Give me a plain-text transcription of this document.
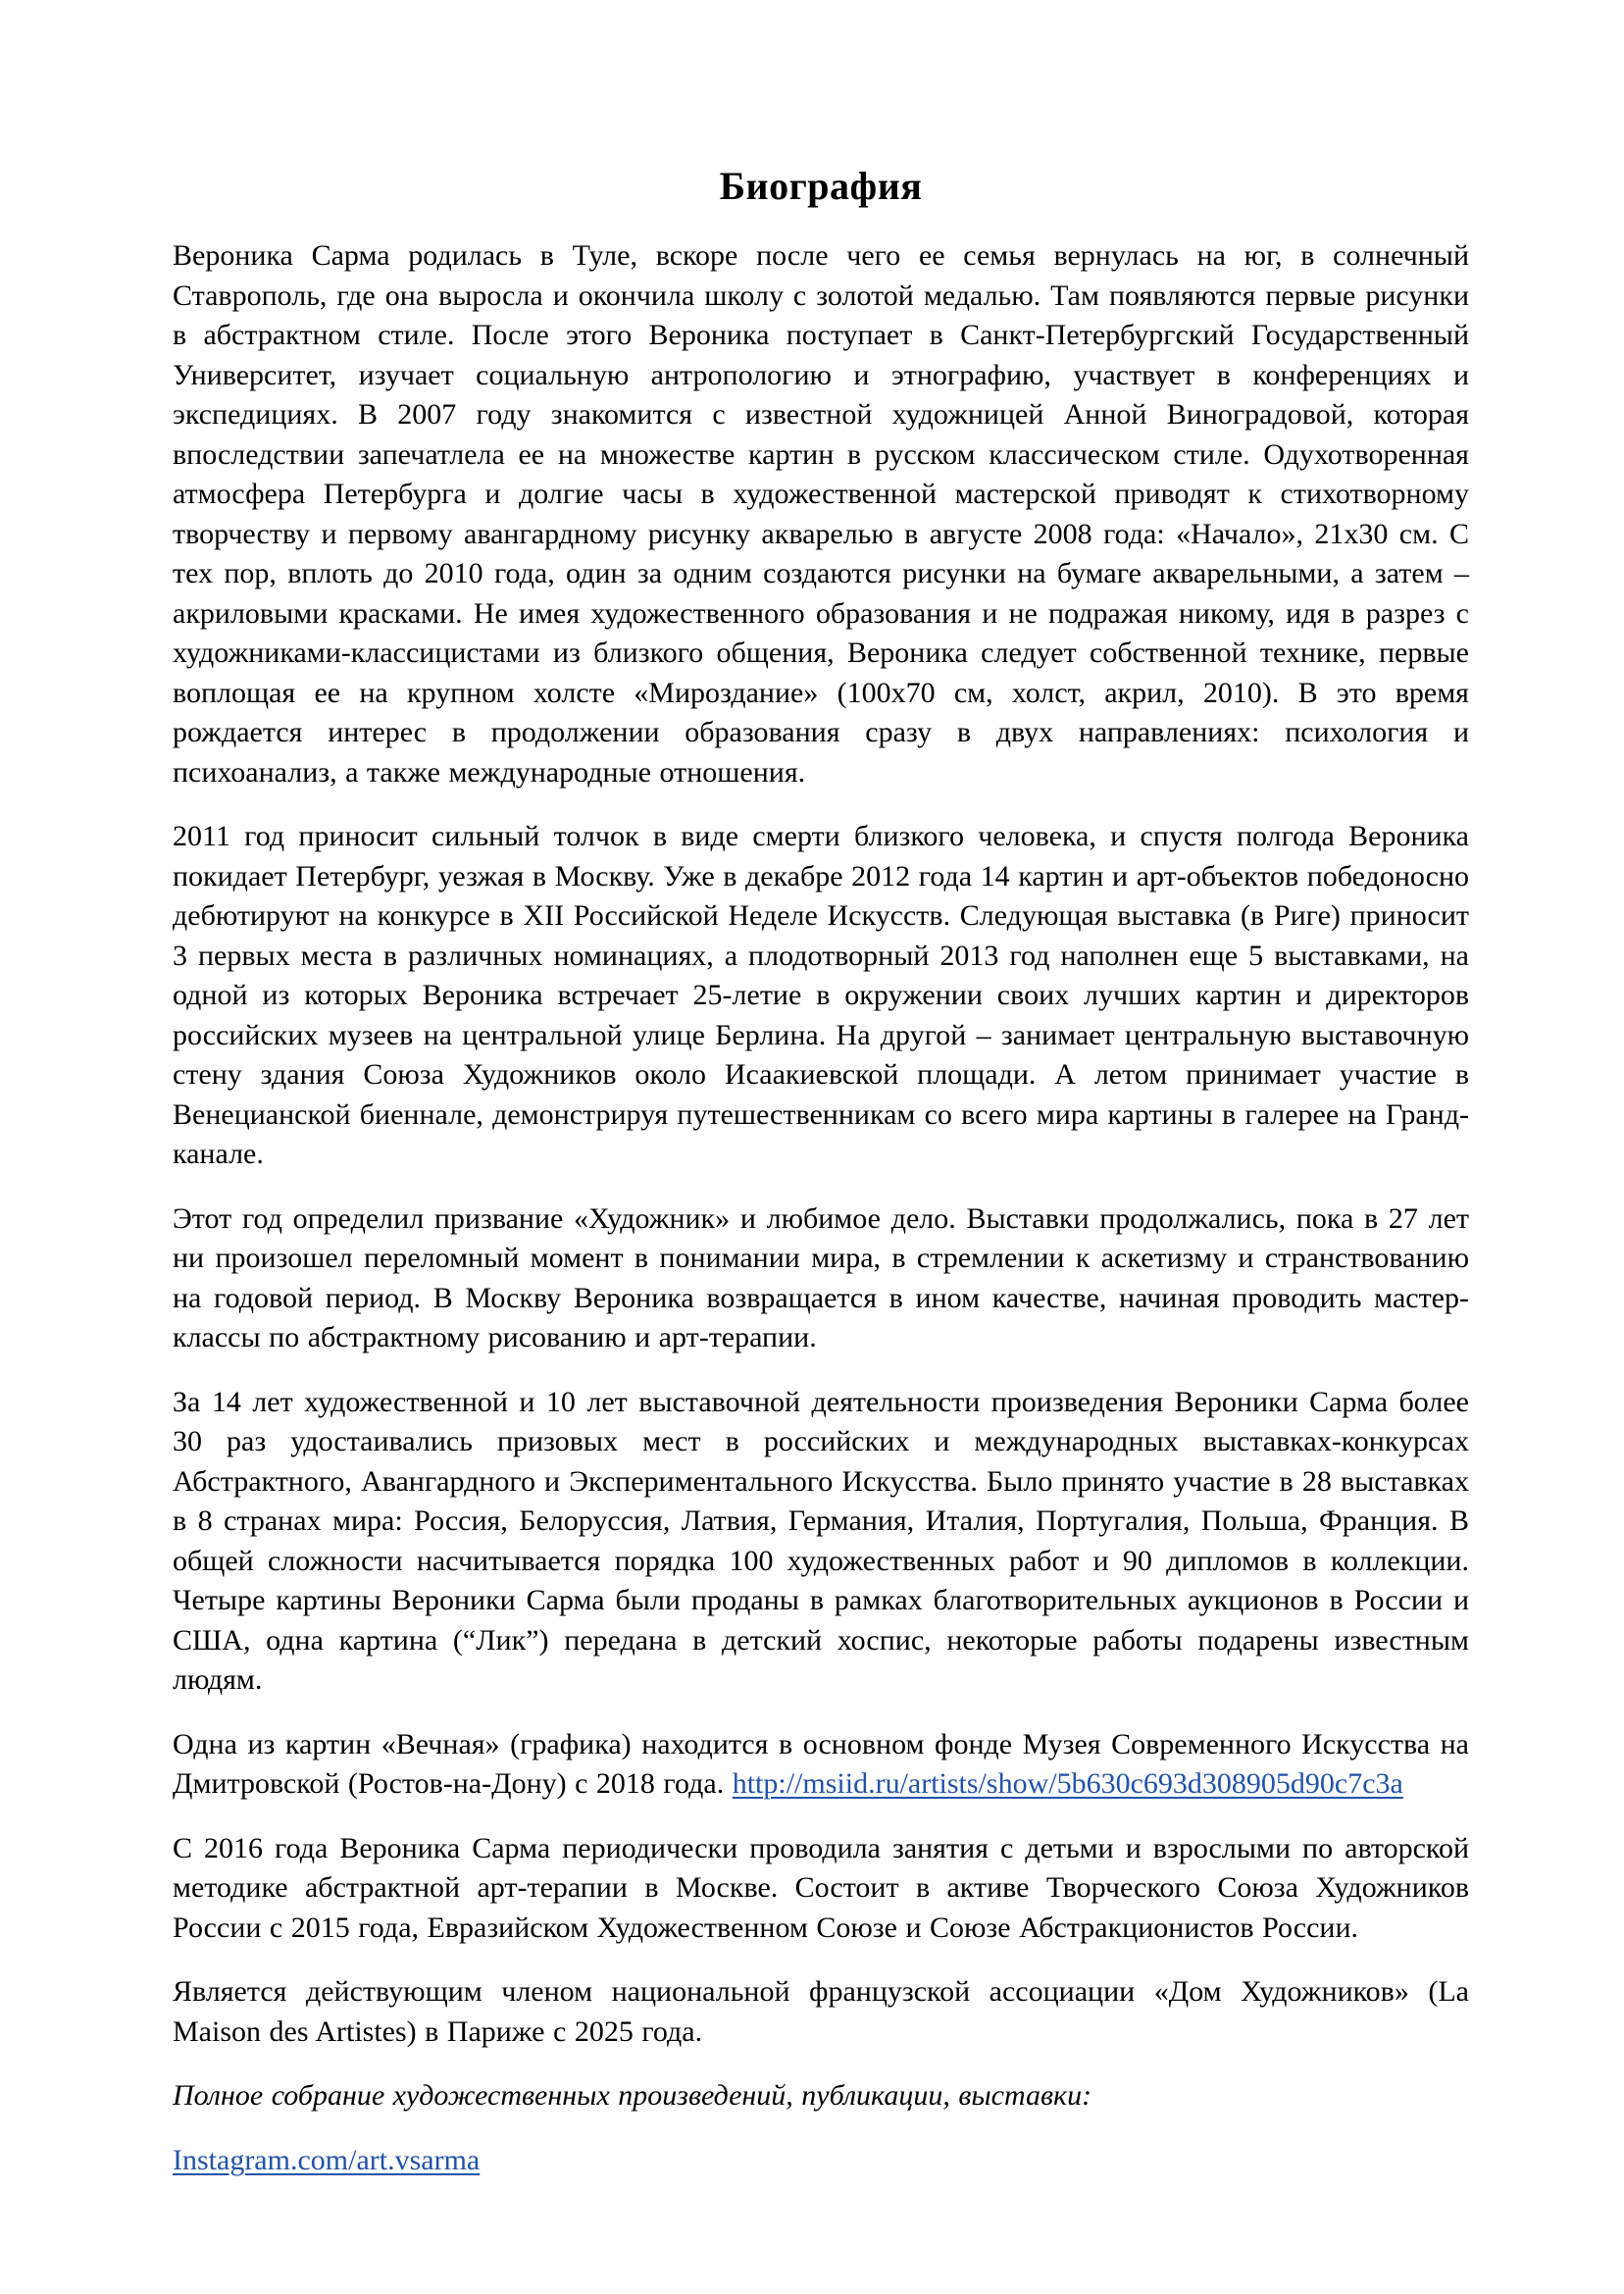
Биография

Вероника Сарма родилась в Туле, вскоре после чего ее семья вернулась на юг, в солнечный Ставрополь, где она выросла и окончила школу с золотой медалью. Там появляются первые рисунки в абстрактном стиле. После этого Вероника поступает в Санкт-Петербургский Государственный Университет, изучает социальную антропологию и этнографию, участвует в конференциях и экспедициях. В 2007 году знакомится с известной художницей Анной Виноградовой, которая впоследствии запечатлела ее на множестве картин в русском классическом стиле. Одухотворенная атмосфера Петербурга и долгие часы в художественной мастерской приводят к стихотворному творчеству и первому авангардному рисунку акварелью в августе 2008 года: «Начало», 21х30 см. С тех пор, вплоть до 2010 года, один за одним создаются рисунки на бумаге акварельными, а затем – акриловыми красками. Не имея художественного образования и не подражая никому, идя в разрез с художниками-классицистами из близкого общения, Вероника следует собственной технике, первые воплощая ее на крупном холсте «Мироздание» (100х70 см, холст, акрил, 2010). В это время рождается интерес в продолжении образования сразу в двух направлениях: психология и психоанализ, а также международные отношения.

2011 год приносит сильный толчок в виде смерти близкого человека, и спустя полгода Вероника покидает Петербург, уезжая в Москву. Уже в декабре 2012 года 14 картин и арт-объектов победоносно дебютируют на конкурсе в XII Российской Неделе Искусств. Следующая выставка (в Риге) приносит 3 первых места в различных номинациях, а плодотворный 2013 год наполнен еще 5 выставками, на одной из которых Вероника встречает 25-летие в окружении своих лучших картин и директоров российских музеев на центральной улице Берлина. На другой – занимает центральную выставочную стену здания Союза Художников около Исаакиевской площади. А летом принимает участие в Венецианской биеннале, демонстрируя путешественникам со всего мира картины в галерее на Гранд-канале.

Этот год определил призвание «Художник» и любимое дело. Выставки продолжались, пока в 27 лет ни произошел переломный момент в понимании мира, в стремлении к аскетизму и странствованию на годовой период. В Москву Вероника возвращается в ином качестве, начиная проводить мастер-классы по абстрактному рисованию и арт-терапии.

За 14 лет художественной и 10 лет выставочной деятельности произведения Вероники Сарма более 30 раз удостаивались призовых мест в российских и международных выставках-конкурсах Абстрактного, Авангардного и Экспериментального Искусства. Было принято участие в 28 выставках в 8 странах мира: Россия, Белоруссия, Латвия, Германия, Италия, Португалия, Польша, Франция. В общей сложности насчитывается порядка 100 художественных работ и 90 дипломов в коллекции. Четыре картины Вероники Сарма были проданы в рамках благотворительных аукционов в России и США, одна картина (“Лик”) передана в детский хоспис, некоторые работы подарены известным людям.

Одна из картин «Вечная» (графика) находится в основном фонде Музея Современного Искусства на Дмитровской (Ростов-на-Дону) с 2018 года. http://msiid.ru/artists/show/5b630c693d308905d90c7c3a

С 2016 года Вероника Сарма периодически проводила занятия с детьми и взрослыми по авторской методике абстрактной арт-терапии в Москве. Состоит в активе Творческого Союза Художников России с 2015 года, Евразийском Художественном Союзе и Союзе Абстракционистов России.

Является действующим членом национальной французской ассоциации «Дом Художников» (La Maison des Artistes) в Париже с 2025 года.

Полное собрание художественных произведений, публикации, выставки:

Instagram.com/art.vsarma
